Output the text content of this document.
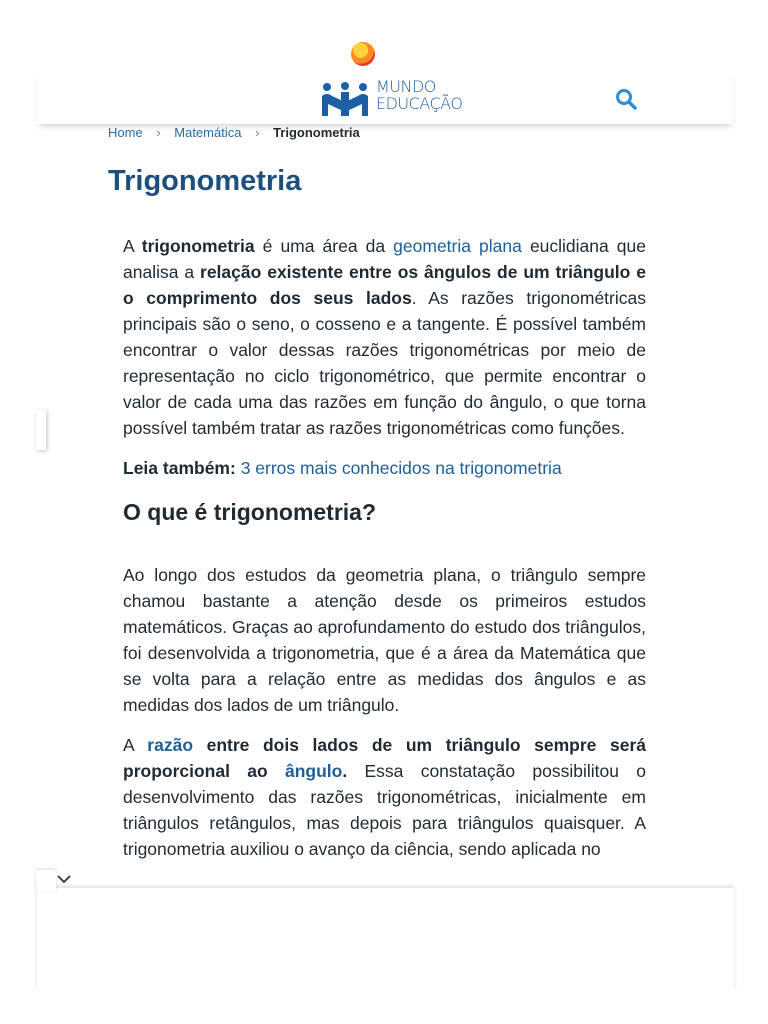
MUNDO
EDUCAÇÃO
Home › Matemática › Trigonometria
Trigonometria

A trigonometria é uma área da geometria plana euclidiana que analisa a relação existente entre os ângulos de um triângulo e o comprimento dos seus lados. As razões trigonométricas principais são o seno, o cosseno e a tangente. É possível também encontrar o valor dessas razões trigonométricas por meio de representação no ciclo trigonométrico, que permite encontrar o valor de cada uma das razões em função do ângulo, o que torna possível também tratar as razões trigonométricas como funções.

Leia também: 3 erros mais conhecidos na trigonometria

O que é trigonometria?

Ao longo dos estudos da geometria plana, o triângulo sempre chamou bastante a atenção desde os primeiros estudos matemáticos. Graças ao aprofundamento do estudo dos triângulos, foi desenvolvida a trigonometria, que é a área da Matemática que se volta para a relação entre as medidas dos ângulos e as medidas dos lados de um triângulo.

A razão entre dois lados de um triângulo sempre será proporcional ao ângulo. Essa constatação possibilitou o desenvolvimento das razões trigonométricas, inicialmente em triângulos retângulos, mas depois para triângulos quaisquer. A trigonometria auxiliou o avanço da ciência, sendo aplicada no
